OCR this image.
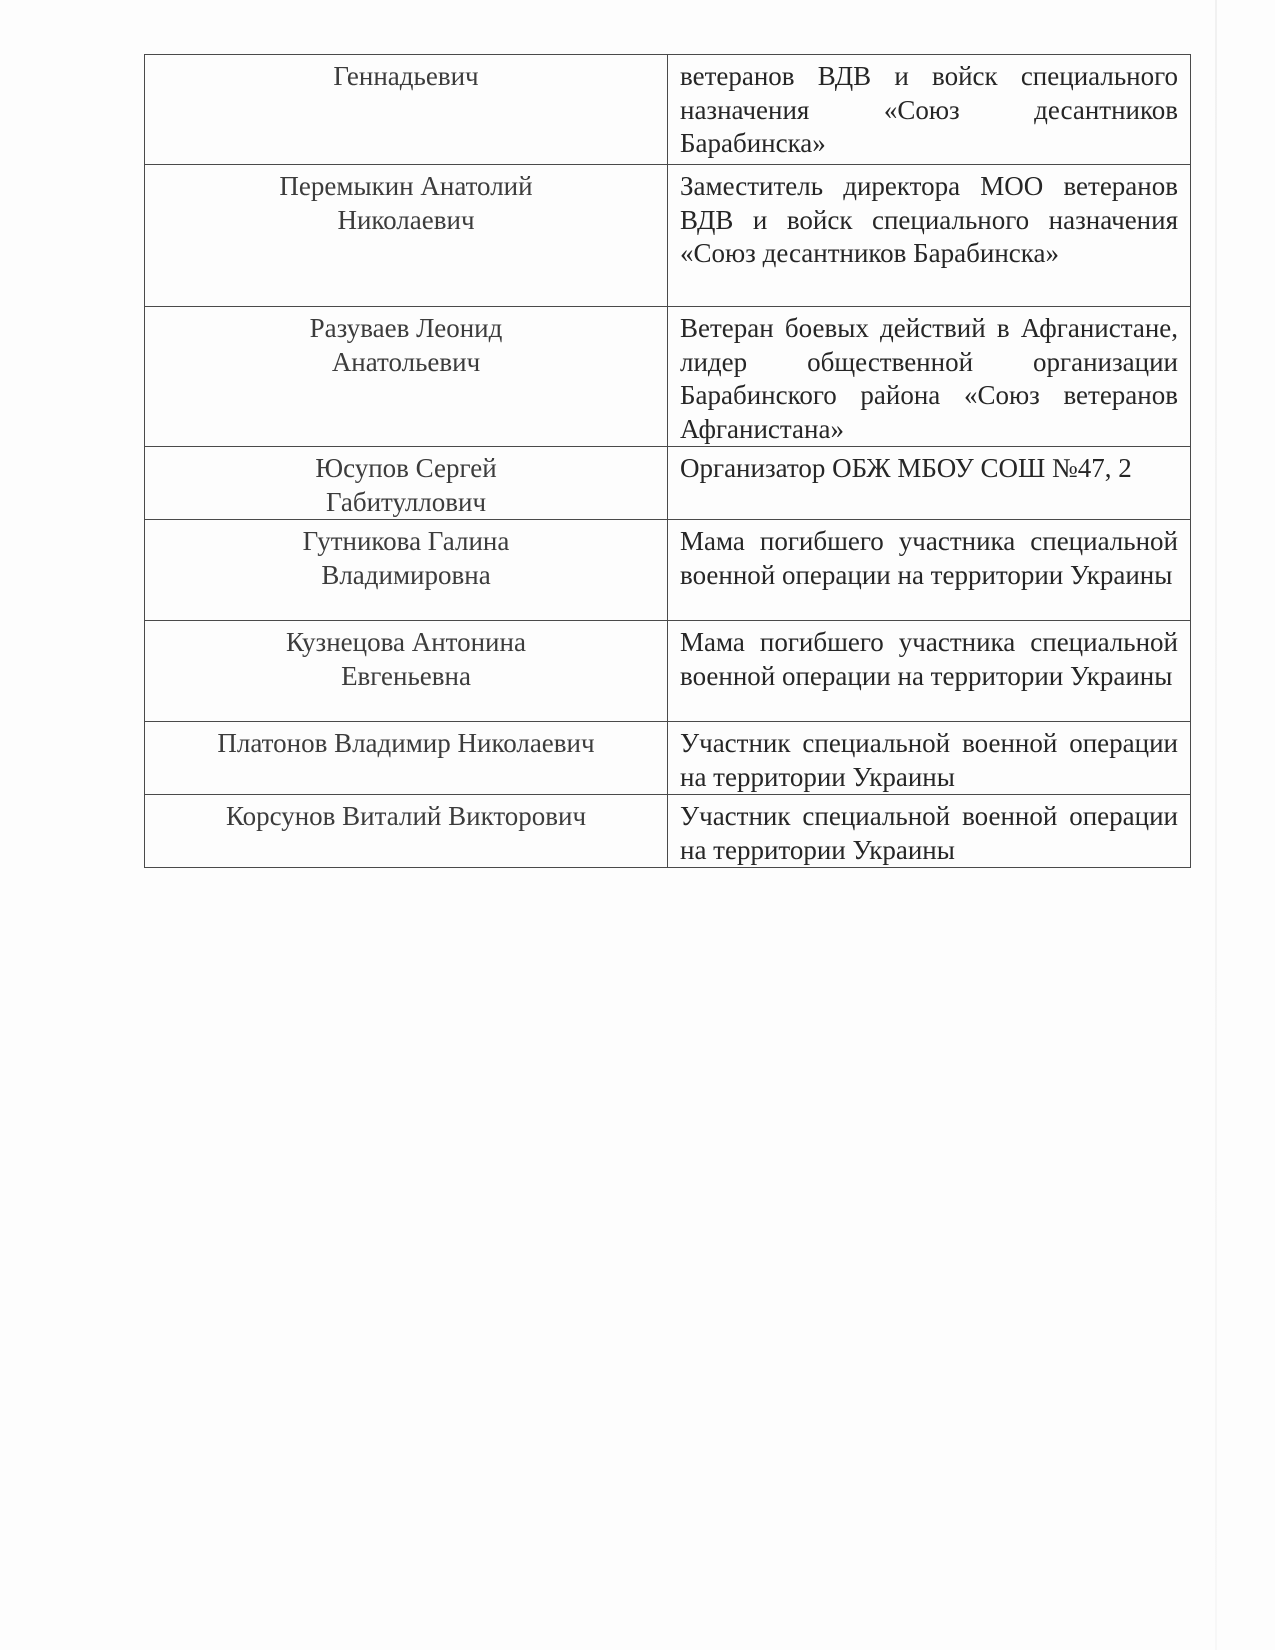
Геннадьевич	ветеранов ВДВ и войск специального назначения «Союз десантников Барабинска»

Перемыкин Анатолий
Николаевич	Заместитель директора МОО ветеранов ВДВ и войск специального назначения «Союз десантников Барабинска»

Разуваев Леонид
Анатольевич	Ветеран боевых действий в Афганистане, лидер общественной организации Барабинского района «Союз ветеранов Афганистана»

Юсупов Сергей
Габитуллович	Организатор ОБЖ МБОУ СОШ №47, 2

Гутникова Галина
Владимировна	Мама погибшего участника специальной военной операции на территории Украины

Кузнецова Антонина
Евгеньевна	Мама погибшего участника специальной военной операции на территории Украины

Платонов Владимир Николаевич	Участник специальной военной операции на территории Украины

Корсунов Виталий Викторович	Участник специальной военной операции на территории Украины
